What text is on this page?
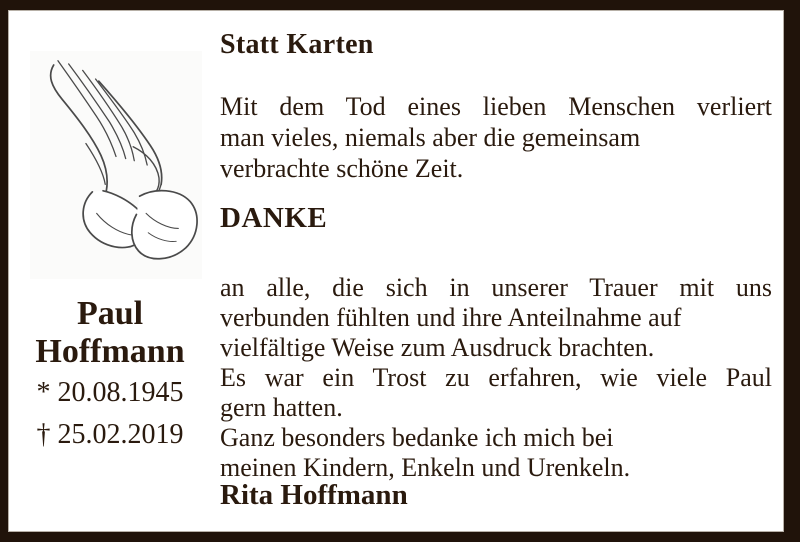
Paul
Hoffmann
* 20.08.1945
† 25.02.2019
Statt Karten
Mit dem Tod eines lieben Menschen verliert
man vieles, niemals aber die gemeinsam
verbrachte schöne Zeit.
DANKE
an alle, die sich in unserer Trauer mit uns
verbunden fühlten und ihre Anteilnahme auf
vielfältige Weise zum Ausdruck brachten.
Es war ein Trost zu erfahren, wie viele Paul
gern hatten.
Ganz besonders bedanke ich mich bei
meinen Kindern, Enkeln und Urenkeln.
Rita Hoffmann
